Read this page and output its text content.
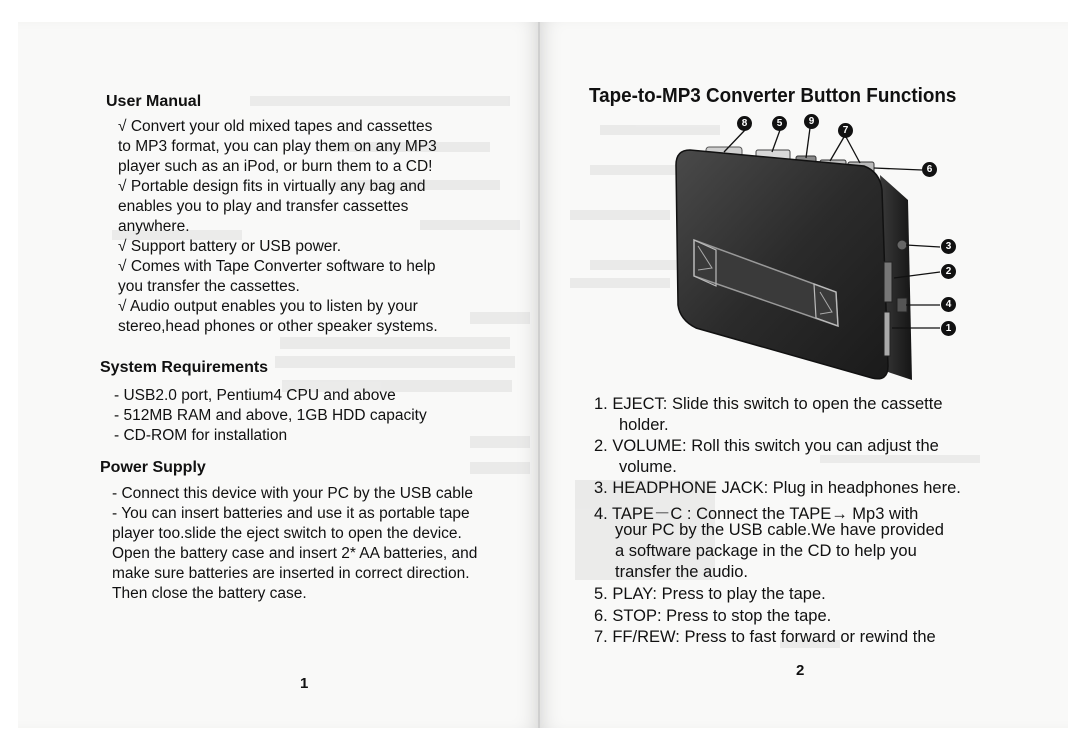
User Manual
√ Convert your old mixed tapes and cassettes
to MP3 format, you can play them on any MP3
player such as an iPod, or burn them to a CD!
√ Portable design fits in virtually any bag and
enables you to play and transfer cassettes
anywhere.
√ Support battery or USB power.
√ Comes with Tape Converter software to help
you transfer the cassettes.
√ Audio output enables you to listen by your
stereo,head phones or other speaker systems.
System Requirements
- USB2.0 port, Pentium4 CPU and above
- 512MB RAM and above, 1GB HDD capacity
- CD-ROM for installation
Power Supply
- Connect this device with your PC by the USB cable
- You can insert batteries and use it as portable tape
player too.slide the eject switch to open the device.
Open the battery case and insert 2* AA batteries, and
make sure batteries are inserted in correct direction.
Then close the battery case.
1
Tape-to-MP3 Converter Button Functions
8	5	9
7
6
3
2
4
1
1. EJECT: Slide this switch to open the cassette
holder.
2. VOLUME: Roll this switch you can adjust the
volume.
3. HEADPHONE JACK: Plug in headphones here.
4. TAPE－C : Connect the TAPE→ Mp3 with
your PC by the USB cable.We have provided
a software package in the CD to help you
transfer the audio.
5. PLAY: Press to play the tape.
6. STOP: Press to stop the tape.
7. FF/REW: Press to fast forward or rewind the
2
